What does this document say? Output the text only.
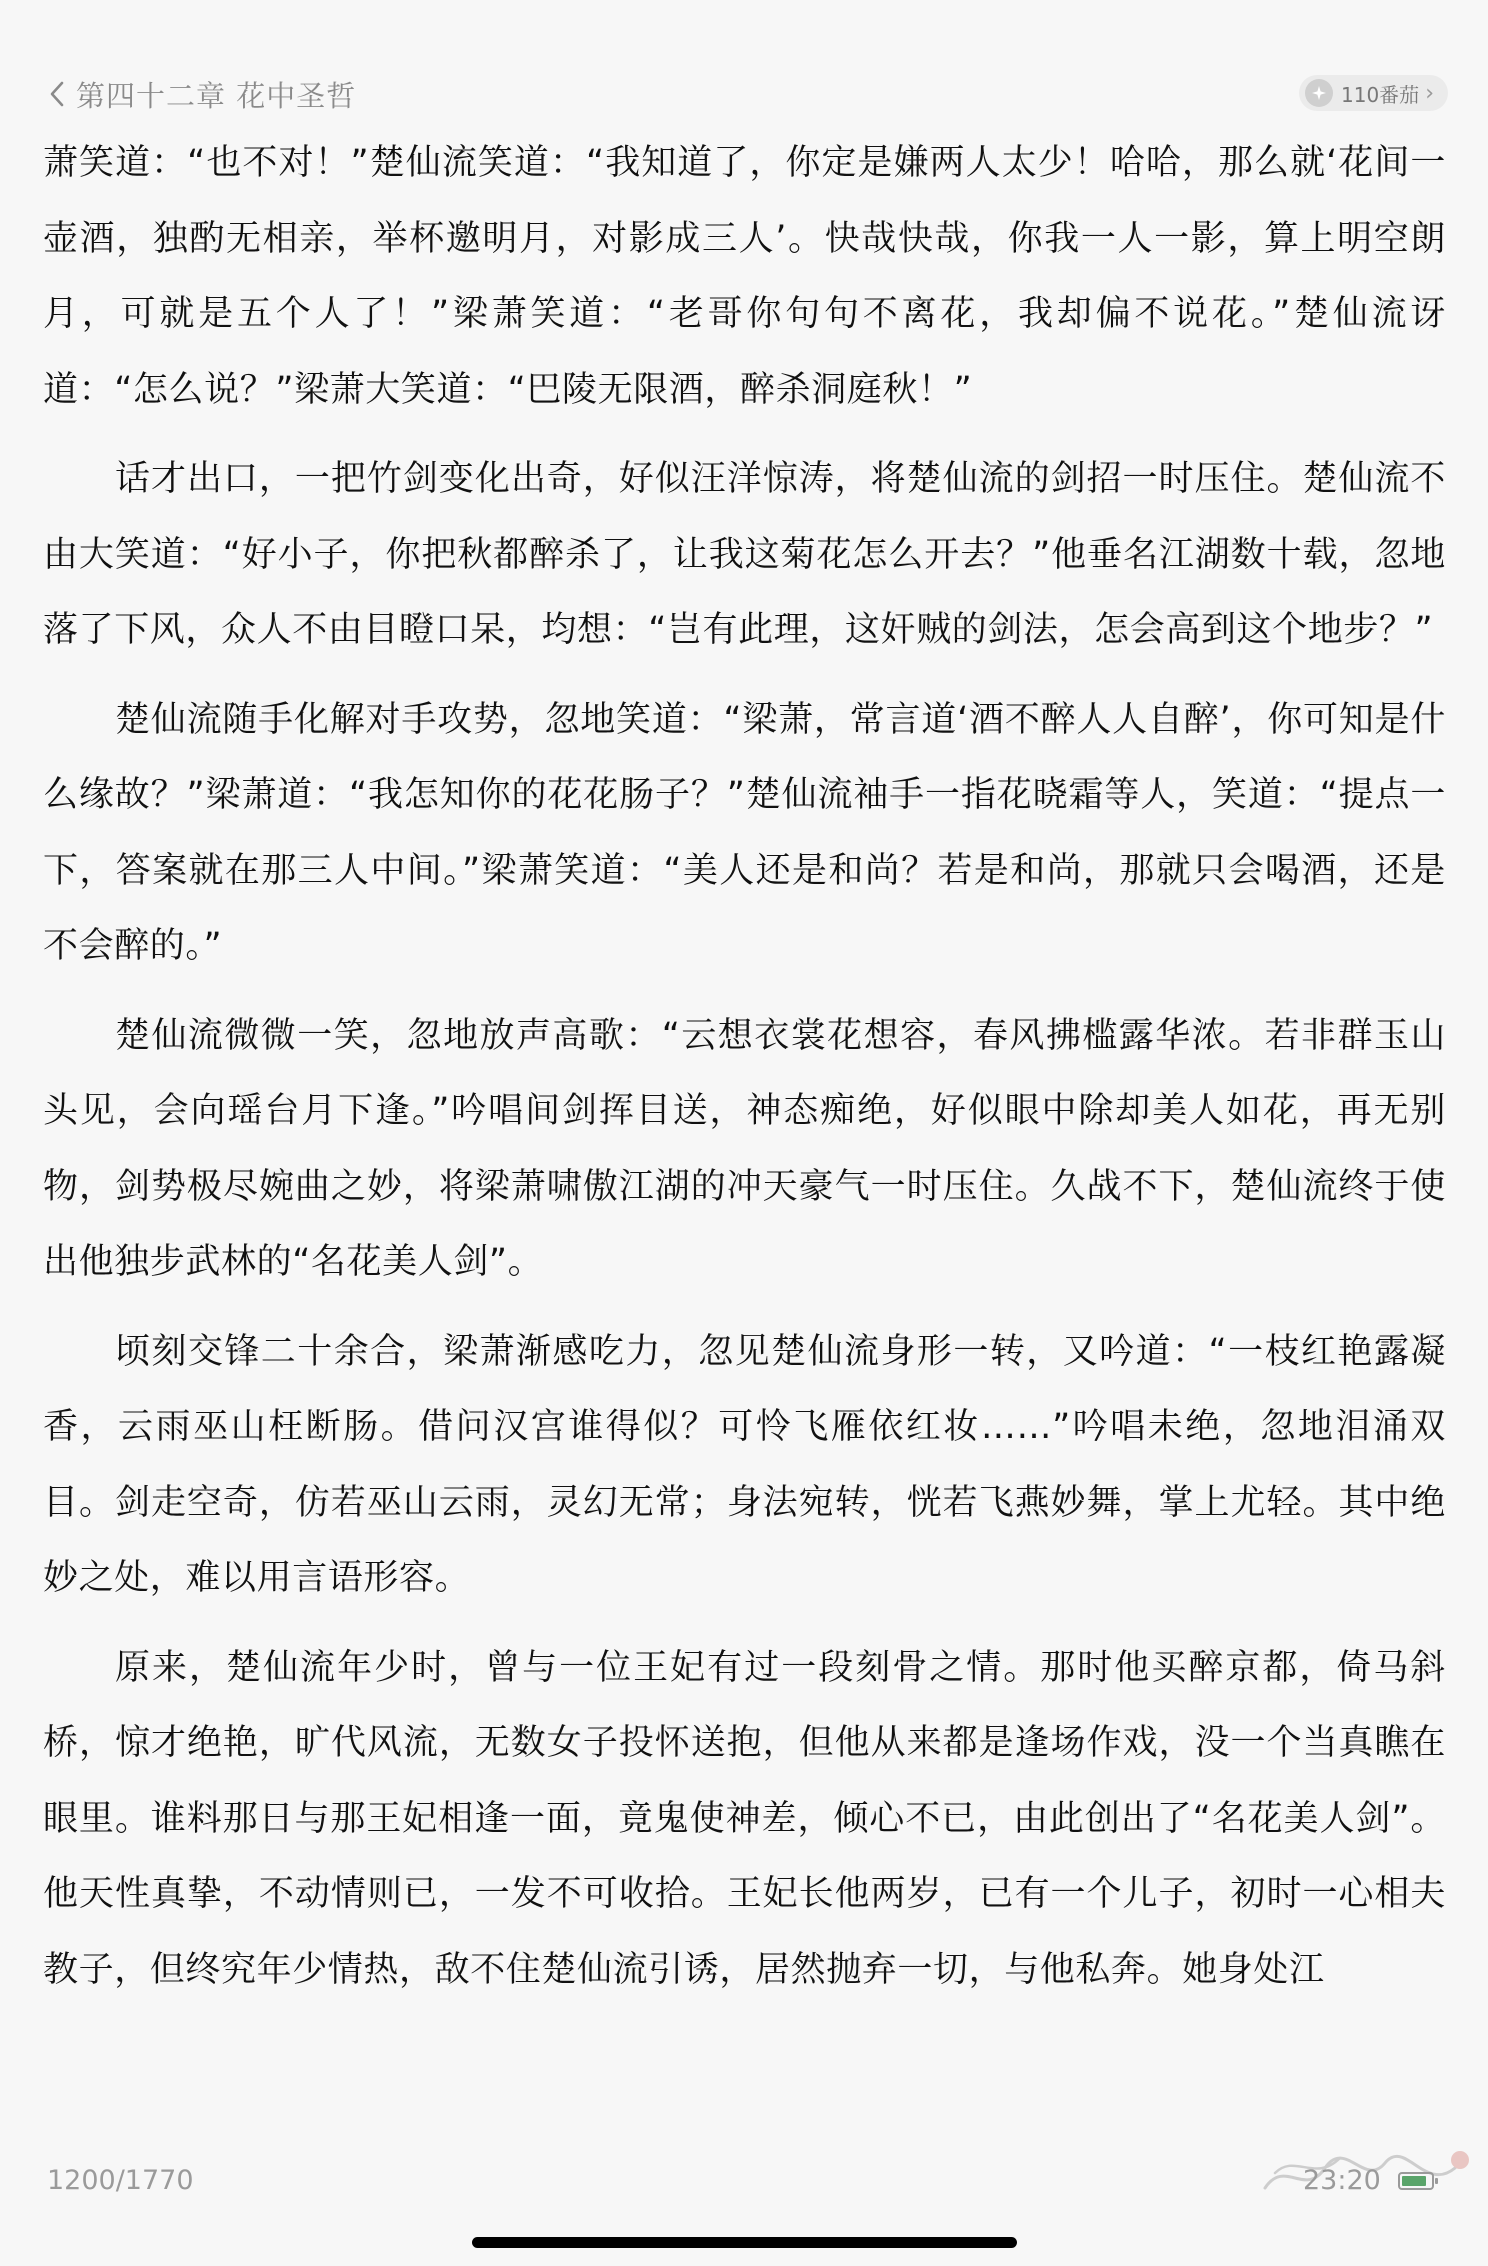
第四十二章 花中圣哲	110番茄 ›

萧笑道：“也不对！”楚仙流笑道：“我知道了，你定是嫌两人太少！哈哈，那么就‘花间一壶酒，独酌无相亲，举杯邀明月，对影成三人’。快哉快哉，你我一人一影，算上明空朗月，可就是五个人了！”梁萧笑道：“老哥你句句不离花，我却偏不说花。”楚仙流讶道：“怎么说？”梁萧大笑道：“巴陵无限酒，醉杀洞庭秋！”

话才出口，一把竹剑变化出奇，好似汪洋惊涛，将楚仙流的剑招一时压住。楚仙流不由大笑道：“好小子，你把秋都醉杀了，让我这菊花怎么开去？”他垂名江湖数十载，忽地落了下风，众人不由目瞪口呆，均想：“岂有此理，这奸贼的剑法，怎会高到这个地步？”

楚仙流随手化解对手攻势，忽地笑道：“梁萧，常言道‘酒不醉人人自醉’，你可知是什么缘故？”梁萧道：“我怎知你的花花肠子？”楚仙流袖手一指花晓霜等人，笑道：“提点一下，答案就在那三人中间。”梁萧笑道：“美人还是和尚？若是和尚，那就只会喝酒，还是不会醉的。”

楚仙流微微一笑，忽地放声高歌：“云想衣裳花想容，春风拂槛露华浓。若非群玉山头见，会向瑶台月下逢。”吟唱间剑挥目送，神态痴绝，好似眼中除却美人如花，再无别物，剑势极尽婉曲之妙，将梁萧啸傲江湖的冲天豪气一时压住。久战不下，楚仙流终于使出他独步武林的“名花美人剑”。

顷刻交锋二十余合，梁萧渐感吃力，忽见楚仙流身形一转，又吟道：“一枝红艳露凝香，云雨巫山枉断肠。借问汉宫谁得似？可怜飞雁依红妆……”吟唱未绝，忽地泪涌双目。剑走空奇，仿若巫山云雨，灵幻无常；身法宛转，恍若飞燕妙舞，掌上尤轻。其中绝妙之处，难以用言语形容。

原来，楚仙流年少时，曾与一位王妃有过一段刻骨之情。那时他买醉京都，倚马斜桥，惊才绝艳，旷代风流，无数女子投怀送抱，但他从来都是逢场作戏，没一个当真瞧在眼里。谁料那日与那王妃相逢一面，竟鬼使神差，倾心不已，由此创出了“名花美人剑”。他天性真挚，不动情则已，一发不可收拾。王妃长他两岁，已有一个儿子，初时一心相夫教子，但终究年少情热，敌不住楚仙流引诱，居然抛弃一切，与他私奔。她身处江

1200/1770	23:20
